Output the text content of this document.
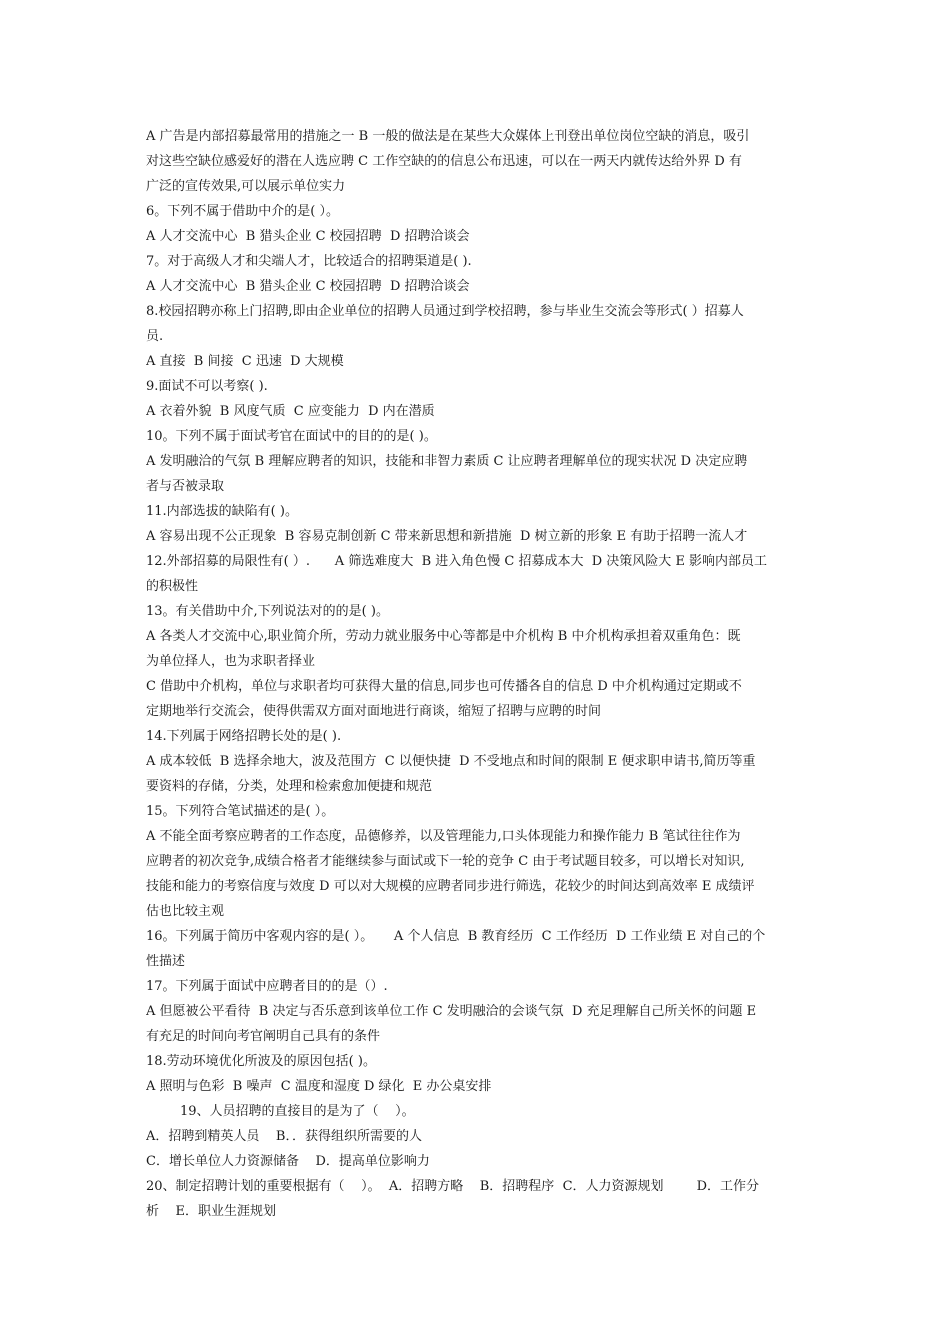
A 广告是内部招募最常用的措施之一 B 一般的做法是在某些大众媒体上刊登出单位岗位空缺的消息，吸引
对这些空缺位感爱好的潜在人选应聘 C 工作空缺的的信息公布迅速，可以在一两天内就传达给外界 D 有
广泛的宣传效果,可以展示单位实力
6。下列不属于借助中介的是( ）。
A 人才交流中心  B 猎头企业 C 校园招聘  D 招聘洽谈会
7。对于高级人才和尖端人才，比较适合的招聘渠道是( ).
A 人才交流中心  B 猎头企业 C 校园招聘  D 招聘洽谈会
8.校园招聘亦称上门招聘,即由企业单位的招聘人员通过到学校招聘，参与毕业生交流会等形式( ）招募人
员.
A 直接  B 间接  C 迅速  D 大规模
9.面试不可以考察( ).
A 衣着外貌  B 风度气质  C 应变能力  D 内在潜质
10。下列不属于面试考官在面试中的目的的是( )。
A 发明融洽的气氛 B 理解应聘者的知识，技能和非智力素质 C 让应聘者理解单位的现实状况 D 决定应聘
者与否被录取
11.内部选拔的缺陷有( )。
A 容易出现不公正现象  B 容易克制创新 C 带来新思想和新措施  D 树立新的形象 E 有助于招聘一流人才
12.外部招募的局限性有( ）.      A 筛选难度大  B 进入角色慢 C 招募成本大  D 决策风险大 E 影响内部员工
的积极性
13。有关借助中介,下列说法对的的是( )。
A 各类人才交流中心,职业简介所，劳动力就业服务中心等都是中介机构 B 中介机构承担着双重角色：既
为单位择人，也为求职者择业
C 借助中介机构，单位与求职者均可获得大量的信息,同步也可传播各自的信息 D 中介机构通过定期或不
定期地举行交流会，使得供需双方面对面地进行商谈，缩短了招聘与应聘的时间
14.下列属于网络招聘长处的是( ).
A 成本较低  B 选择余地大，波及范围方  C 以便快捷  D 不受地点和时间的限制 E 便求职申请书,简历等重
要资料的存储，分类，处理和检索愈加便捷和规范
15。下列符合笔试描述的是( ）。
A 不能全面考察应聘者的工作态度，品德修养，以及管理能力,口头体现能力和操作能力 B 笔试往往作为
应聘者的初次竞争,成绩合格者才能继续参与面试或下一轮的竞争 C 由于考试题目较多，可以增长对知识,
技能和能力的考察信度与效度 D 可以对大规模的应聘者同步进行筛选，花较少的时间达到高效率 E 成绩评
估也比较主观
16。下列属于简历中客观内容的是( ）。     A 个人信息  B 教育经历  C 工作经历  D 工作业绩 E 对自己的个
性描述
17。下列属于面试中应聘者目的的是（）.
A 但愿被公平看待  B 决定与否乐意到该单位工作 C 发明融洽的会谈气氛  D 充足理解自己所关怀的问题 E
有充足的时间向考官阐明自己具有的条件
18.劳动环境优化所波及的原因包括( )。
A 照明与色彩  B 噪声  C 温度和湿度 D 绿化  E 办公桌安排
19、人员招聘的直接目的是为了（    ）。
A．招聘到精英人员    B．．获得组织所需要的人
C．增长单位人力资源储备    D．提高单位影响力
20、制定招聘计划的重要根据有（    ）。  A．招聘方略    B．招聘程序  C．人力资源规划        D．工作分
析    E．职业生涯规划
